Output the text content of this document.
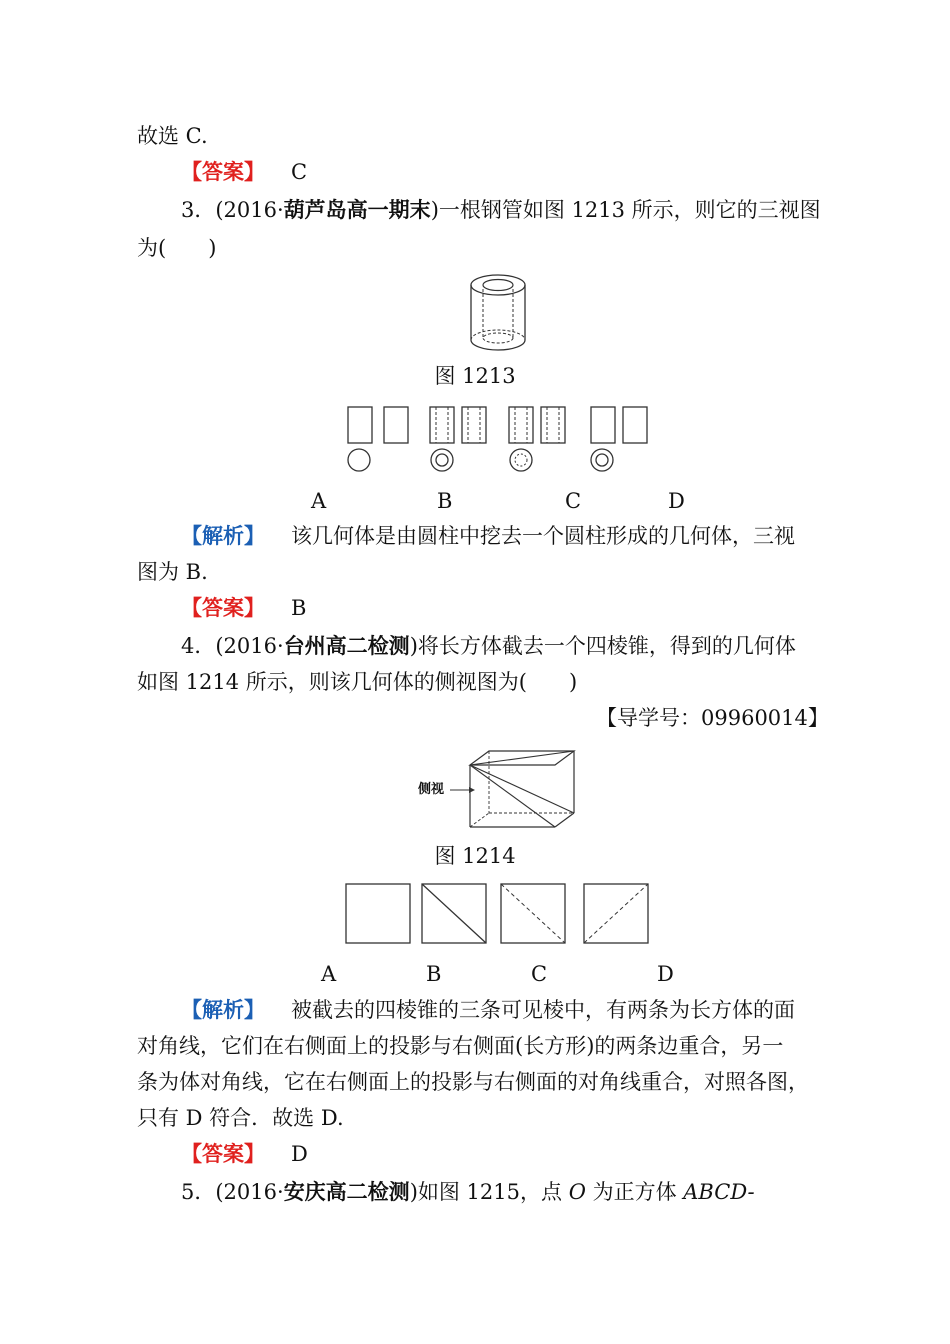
故选 C.
【答案】 C
3．(2016·葫芦岛高一期末)一根钢管如图 1213 所示，则它的三视图
为(　　)
图 1213
A	B	C	D
【解析】 该几何体是由圆柱中挖去一个圆柱形成的几何体，三视
图为 B.
【答案】 B
4．(2016·台州高二检测)将长方体截去一个四棱锥，得到的几何体
如图 1214 所示，则该几何体的侧视图为(　　)
【导学号：09960014】
侧视
图 1214
A	B	C	D
【解析】 被截去的四棱锥的三条可见棱中，有两条为长方体的面
对角线，它们在右侧面上的投影与右侧面(长方形)的两条边重合，另一
条为体对角线，它在右侧面上的投影与右侧面的对角线重合，对照各图，
只有 D 符合．故选 D.
【答案】 D
5．(2016·安庆高二检测)如图 1215，点 O 为正方体 ABCD-
